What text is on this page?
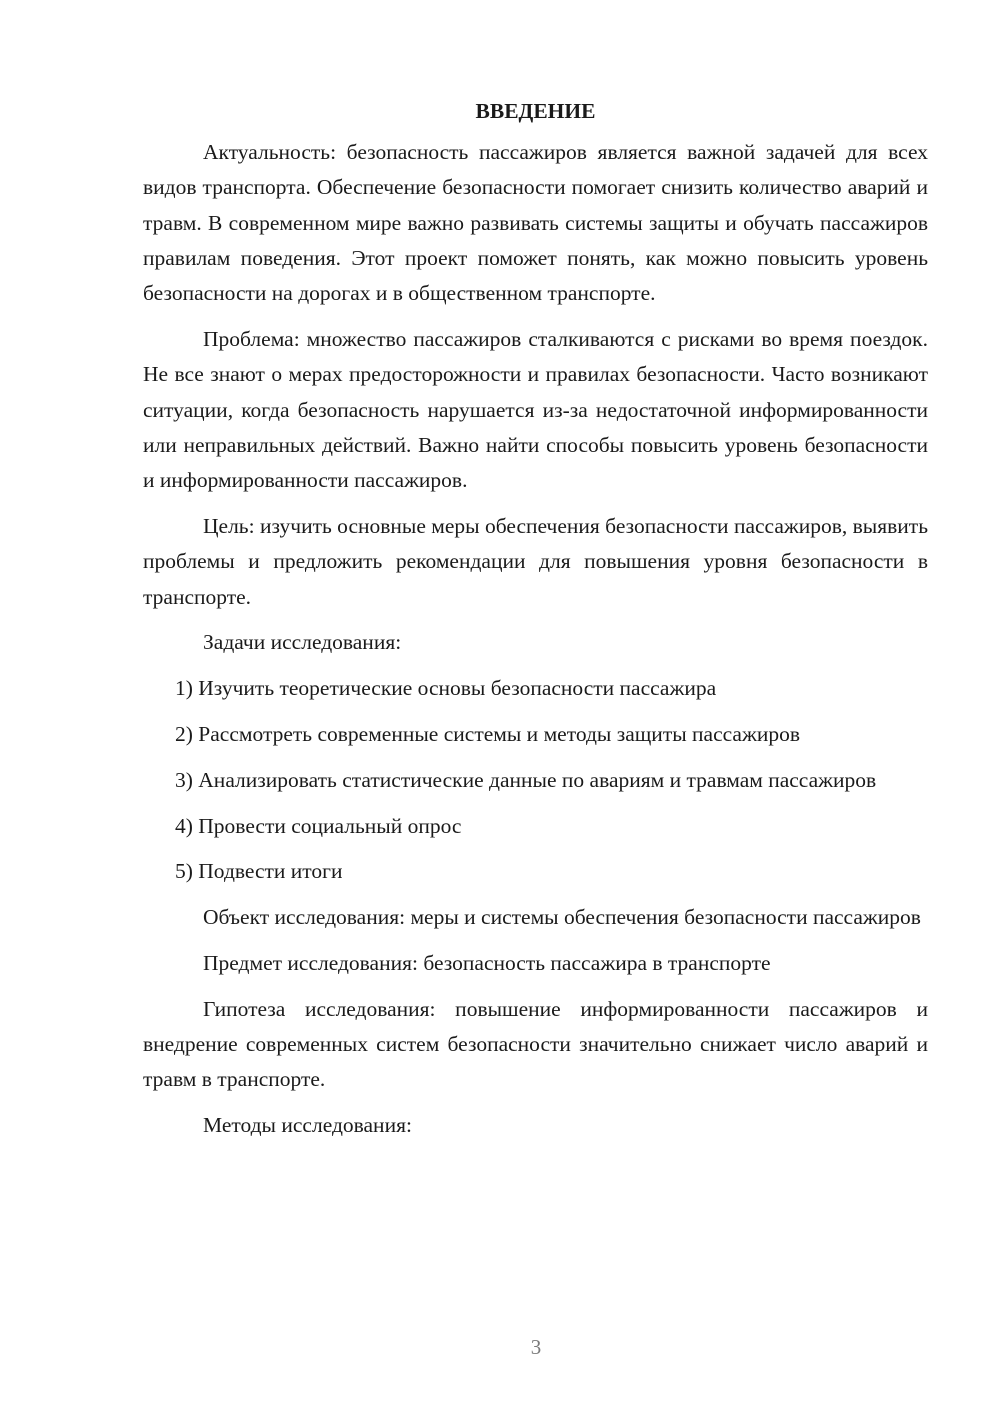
ВВЕДЕНИЕ

Актуальность: безопасность пассажиров является важной задачей для всех видов транспорта. Обеспечение безопасности помогает снизить количество аварий и травм. В современном мире важно развивать системы защиты и обучать пассажиров правилам поведения. Этот проект поможет понять, как можно повысить уровень безопасности на дорогах и в общественном транспорте.

Проблема: множество пассажиров сталкиваются с рисками во время поездок. Не все знают о мерах предосторожности и правилах безопасности. Часто возникают ситуации, когда безопасность нарушается из-за недостаточной информированности или неправильных действий. Важно найти способы повысить уровень безопасности и информированности пассажиров.

Цель: изучить основные меры обеспечения безопасности пассажиров, выявить проблемы и предложить рекомендации для повышения уровня безопасности в транспорте.

Задачи исследования:

1) Изучить теоретические основы безопасности пассажира

2) Рассмотреть современные системы и методы защиты пассажиров

3) Анализировать статистические данные по авариям и травмам пассажиров

4) Провести социальный опрос

5) Подвести итоги

Объект исследования: меры и системы обеспечения безопасности пассажиров

Предмет исследования: безопасность пассажира в транспорте

Гипотеза исследования: повышение информированности пассажиров и внедрение современных систем безопасности значительно снижает число аварий и травм в транспорте.

Методы исследования:

3
